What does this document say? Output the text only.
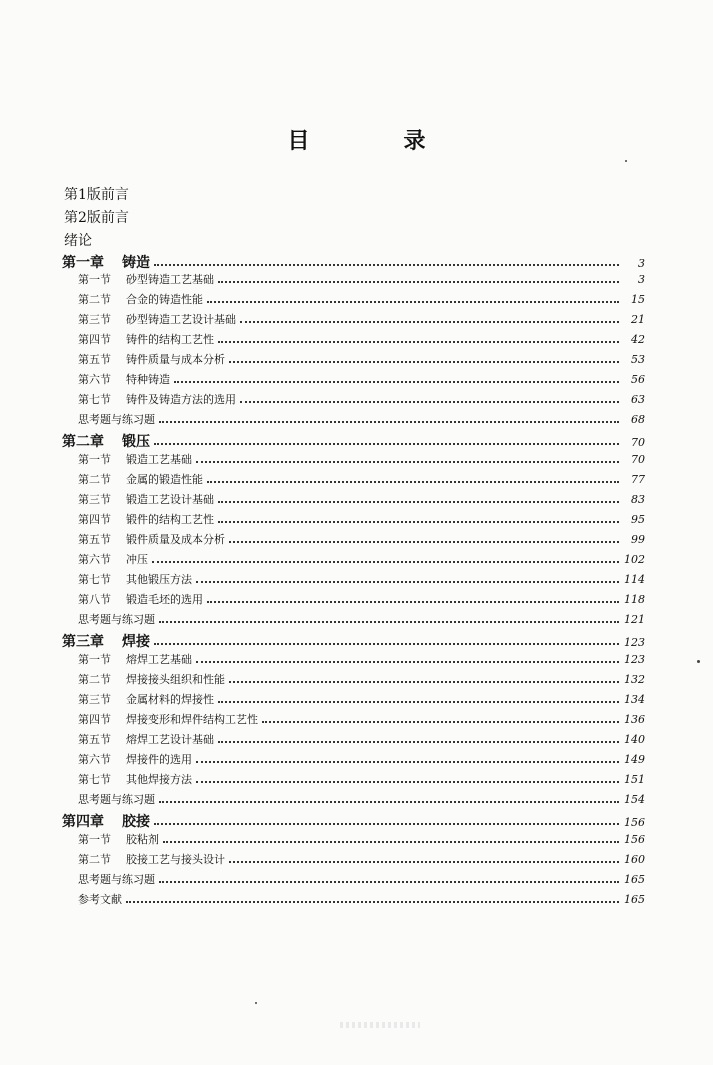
目　录
第1版前言
第2版前言
绪论
第一章	铸造	3
第一节	砂型铸造工艺基础	3
第二节	合金的铸造性能	15
第三节	砂型铸造工艺设计基础	21
第四节	铸件的结构工艺性	42
第五节	铸件质量与成本分析	53
第六节	特种铸造	56
第七节	铸件及铸造方法的选用	63
思考题与练习题	68
第二章	锻压	70
第一节	锻造工艺基础	70
第二节	金属的锻造性能	77
第三节	锻造工艺设计基础	83
第四节	锻件的结构工艺性	95
第五节	锻件质量及成本分析	99
第六节	冲压	102
第七节	其他锻压方法	114
第八节	锻造毛坯的选用	118
思考题与练习题	121
第三章	焊接	123
第一节	熔焊工艺基础	123
第二节	焊接接头组织和性能	132
第三节	金属材料的焊接性	134
第四节	焊接变形和焊件结构工艺性	136
第五节	熔焊工艺设计基础	140
第六节	焊接件的选用	149
第七节	其他焊接方法	151
思考题与练习题	154
第四章	胶接	156
第一节	胶粘剂	156
第二节	胶接工艺与接头设计	160
思考题与练习题	165
参考文献	165
